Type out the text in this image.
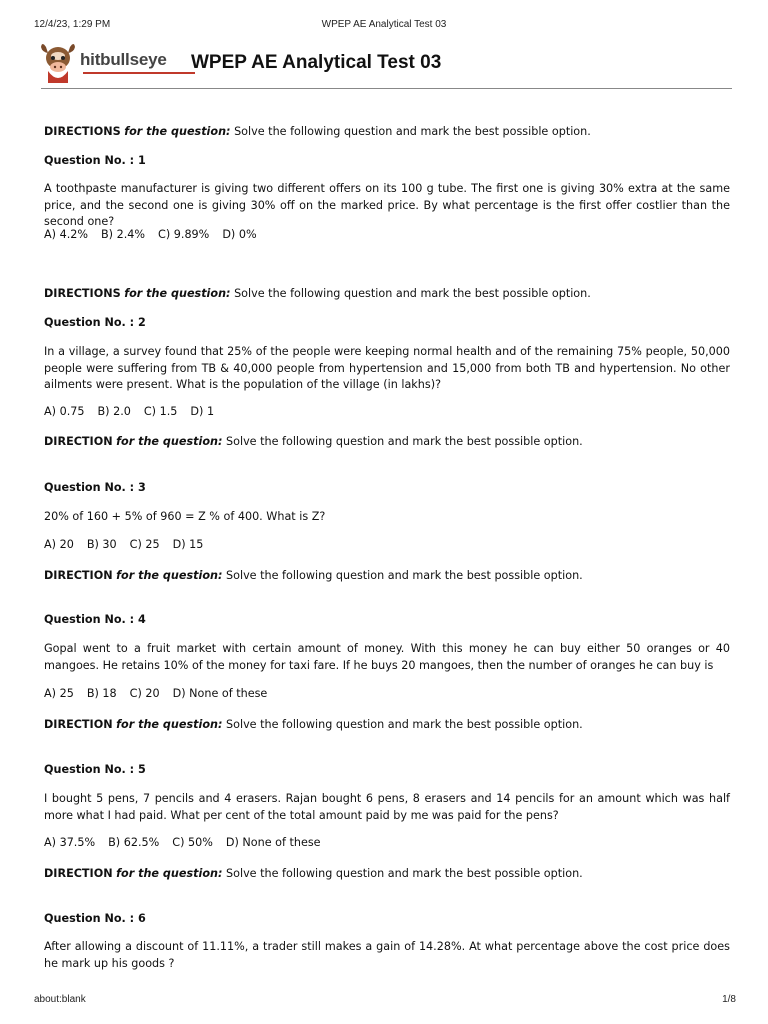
12/4/23, 1:29 PM	WPEP AE Analytical Test 03
hitbullseye WPEP AE Analytical Test 03
DIRECTIONS for the question: Solve the following question and mark the best possible option.
Question No. : 1
A toothpaste manufacturer is giving two different offers on its 100 g tube. The first one is giving 30% extra at the same price, and the second one is giving 30% off on the marked price. By what percentage is the first offer costlier than the second one?
A) 4.2% B) 2.4% C) 9.89% D) 0%
DIRECTIONS for the question: Solve the following question and mark the best possible option.
Question No. : 2
In a village, a survey found that 25% of the people were keeping normal health and of the remaining 75% people, 50,000 people were suffering from TB & 40,000 people from hypertension and 15,000 from both TB and hypertension. No other ailments were present. What is the population of the village (in lakhs)?
A) 0.75 B) 2.0 C) 1.5 D) 1
DIRECTION for the question: Solve the following question and mark the best possible option.
Question No. : 3
20% of 160 + 5% of 960 = Z % of 400. What is Z?
A) 20 B) 30 C) 25 D) 15
DIRECTION for the question: Solve the following question and mark the best possible option.
Question No. : 4
Gopal went to a fruit market with certain amount of money. With this money he can buy either 50 oranges or 40 mangoes. He retains 10% of the money for taxi fare. If he buys 20 mangoes, then the number of oranges he can buy is
A) 25 B) 18 C) 20 D) None of these
DIRECTION for the question: Solve the following question and mark the best possible option.
Question No. : 5
I bought 5 pens, 7 pencils and 4 erasers. Rajan bought 6 pens, 8 erasers and 14 pencils for an amount which was half more what I had paid. What per cent of the total amount paid by me was paid for the pens?
A) 37.5% B) 62.5% C) 50% D) None of these
DIRECTION for the question: Solve the following question and mark the best possible option.
Question No. : 6
After allowing a discount of 11.11%, a trader still makes a gain of 14.28%. At what percentage above the cost price does he mark up his goods ?
about:blank	1/8
